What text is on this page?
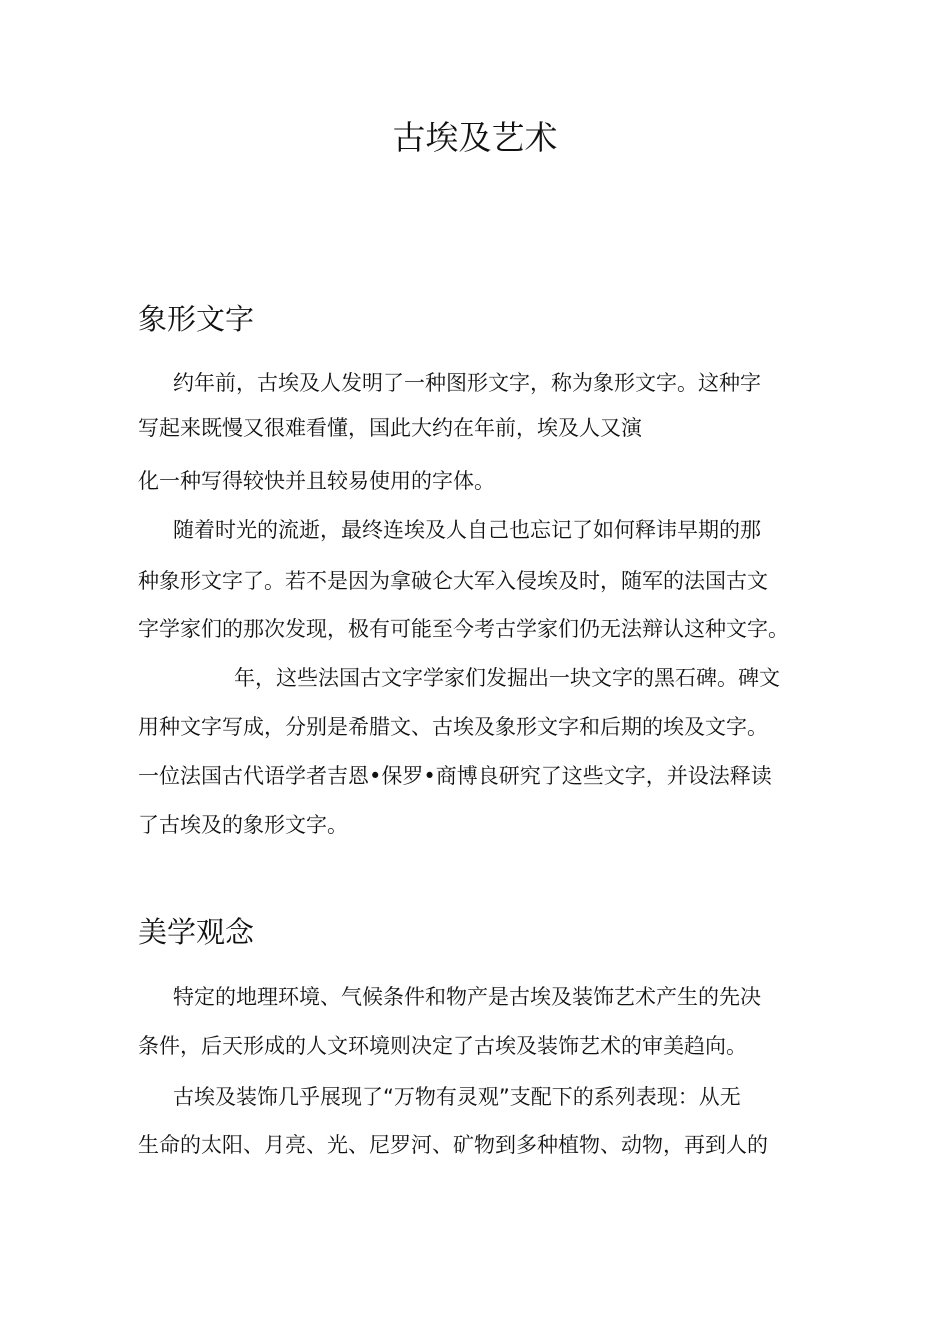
古埃及艺术
象形文字

约年前，古埃及人发明了一种图形文字，称为象形文字。这种字

写起来既慢又很难看懂，国此大约在年前，埃及人又演

化一种写得较快并且较易使用的字体。

随着时光的流逝，最终连埃及人自己也忘记了如何释讳早期的那

种象形文字了。若不是因为拿破仑大军入侵埃及时，随军的法国古文

字学家们的那次发现，极有可能至今考古学家们仍无法辩认这种文字。

年，这些法国古文字学家们发掘出一块文字的黑石碑。碑文

用种文字写成，分别是希腊文、古埃及象形文字和后期的埃及文字。

一位法国古代语学者吉恩•保罗•商博良研究了这些文字，并设法释读

了古埃及的象形文字。

美学观念

特定的地理环境、气候条件和物产是古埃及装饰艺术产生的先决

条件，后天形成的人文环境则决定了古埃及装饰艺术的审美趋向。

古埃及装饰几乎展现了“万物有灵观”支配下的系列表现：从无

生命的太阳、月亮、光、尼罗河、矿物到多种植物、动物，再到人的
